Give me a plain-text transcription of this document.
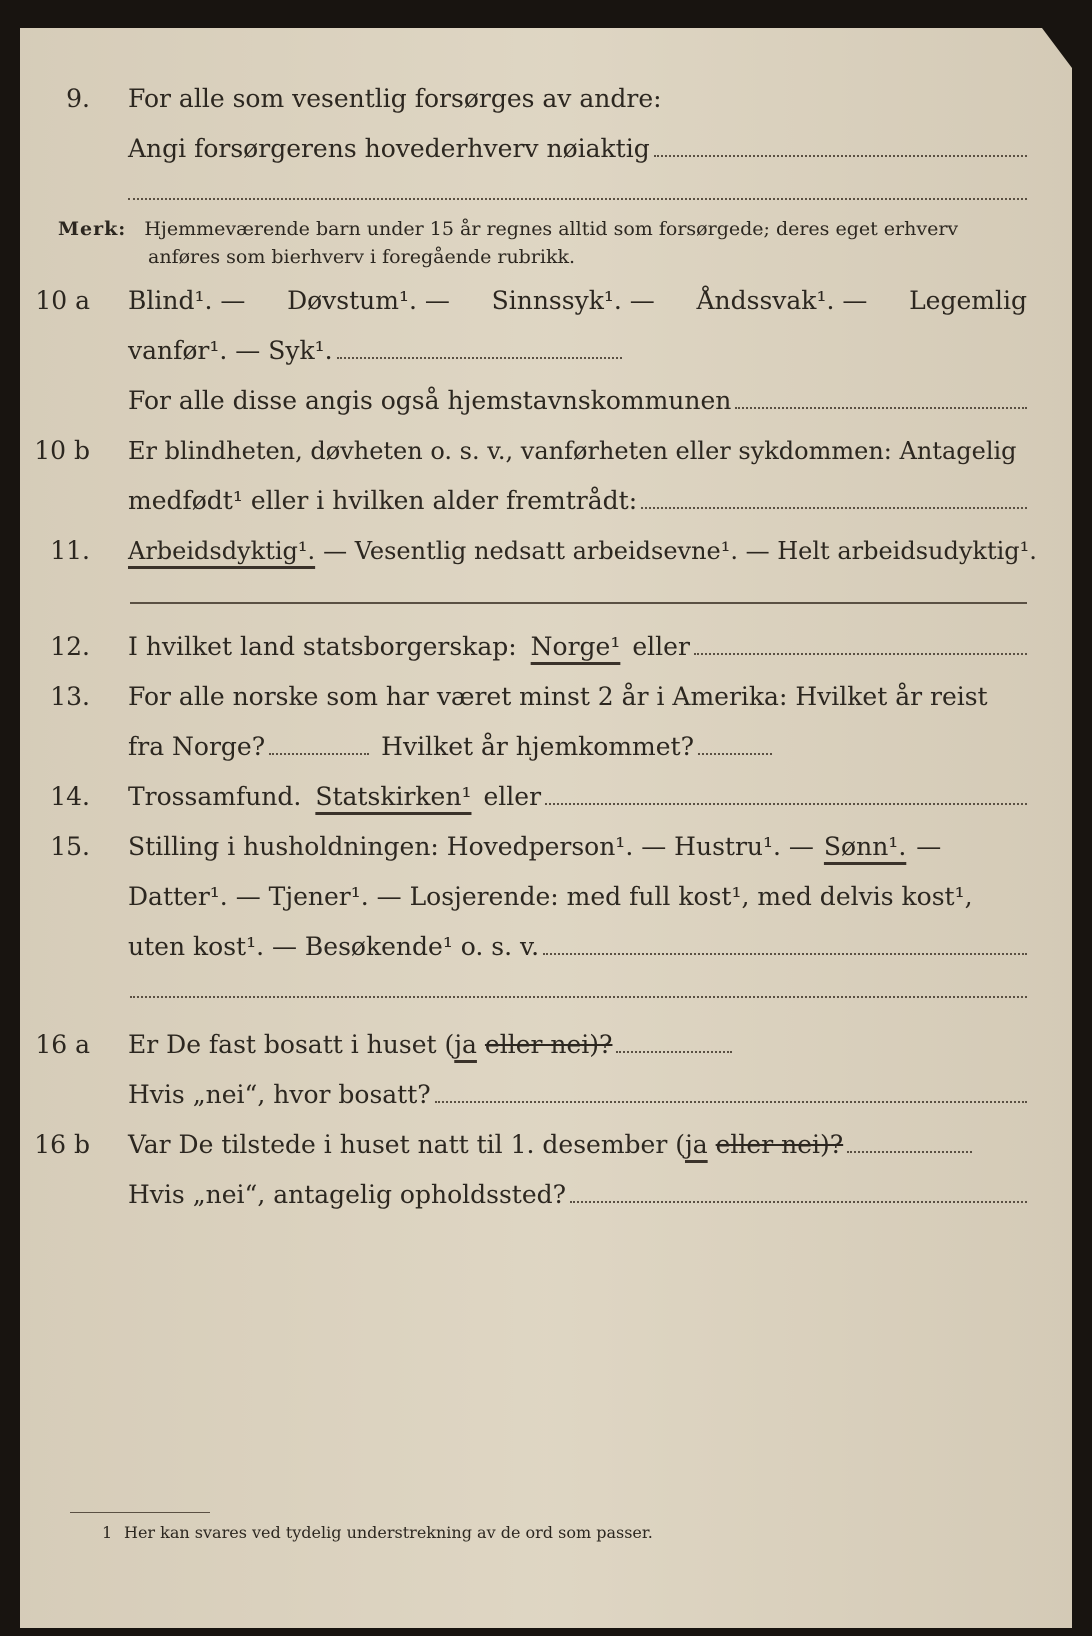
9. For alle som vesentlig forsørges av andre:
Angi forsørgerens hovederhverv nøiaktig
Merk: Hjemmeværende barn under 15 år regnes alltid som forsørgede; deres eget erhverv
anføres som bierhverv i foregående rubrikk.
10 a Blind¹. — Døvstum¹. — Sinnssyk¹. — Åndssvak¹. — Legemlig
vanfør¹. — Syk¹.
For alle disse angis også hjemstavnskommunen
10 b Er blindheten, døvheten o. s. v., vanførheten eller sykdommen: Antagelig
medfødt¹ eller i hvilken alder fremtrådt:
11. Arbeidsdyktig¹. — Vesentlig nedsatt arbeidsevne¹. — Helt arbeidsudyktig¹.
12. I hvilket land statsborgerskap: Norge¹ eller
13. For alle norske som har været minst 2 år i Amerika: Hvilket år reist
fra Norge?	Hvilket år hjemkommet?
14. Trossamfund. Statskirken¹ eller
15. Stilling i husholdningen: Hovedperson¹. — Hustru¹. — Sønn¹. —
Datter¹. — Tjener¹. — Losjerende: med full kost¹, med delvis kost¹,
uten kost¹. — Besøkende¹ o. s. v.
16 a Er De fast bosatt i huset ( ja eller nei)?
Hvis „nei“, hvor bosatt?
16 b Var De tilstede i huset natt til 1. desember ( ja eller nei)?
Hvis „nei“, antagelig opholdssted?
1 Her kan svares ved tydelig understrekning av de ord som passer.
